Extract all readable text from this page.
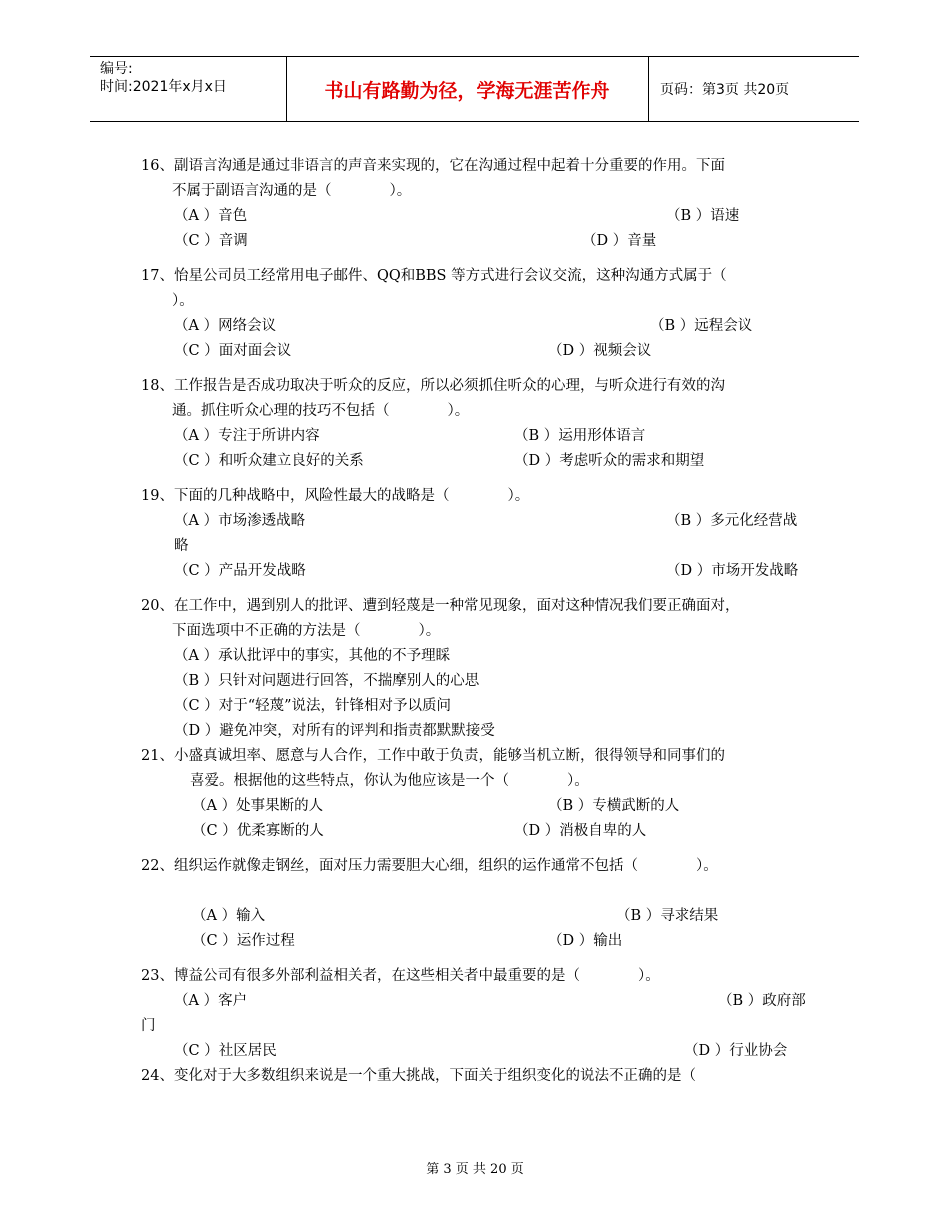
编号:
时间:2021年x月x日	书山有路勤为径，学海无涯苦作舟	页码：第3页 共20页
16、副语言沟通是通过非语言的声音来实现的，它在沟通过程中起着十分重要的作用。下面
不属于副语言沟通的是（　　　　）。
（A ）音色	（B ）语速
（C ）音调	（D ）音量
17、怡星公司员工经常用电子邮件、QQ和BBS 等方式进行会议交流，这种沟通方式属于（
）。
（A ）网络会议	（B ）远程会议
（C ）面对面会议	（D ）视频会议
18、工作报告是否成功取决于听众的反应，所以必须抓住听众的心理，与听众进行有效的沟
通。抓住听众心理的技巧不包括（　　　　）。
（A ）专注于所讲内容	（B ）运用形体语言
（C ）和听众建立良好的关系	（D ）考虑听众的需求和期望
19、下面的几种战略中，风险性最大的战略是（　　　　）。
（A ）市场渗透战略	（B ）多元化经营战
略
（C ）产品开发战略	（D ）市场开发战略
20、在工作中，遇到别人的批评、遭到轻蔑是一种常见现象，面对这种情况我们要正确面对，
下面选项中不正确的方法是（　　　　）。
（A ）承认批评中的事实，其他的不予理睬
（B ）只针对问题进行回答，不揣摩别人的心思
（C ）对于“轻蔑”说法，针锋相对予以质问
（D ）避免冲突，对所有的评判和指责都默默接受
21、小盛真诚坦率、愿意与人合作，工作中敢于负责，能够当机立断，很得领导和同事们的
喜爱。根据他的这些特点，你认为他应该是一个（　　　　）。
（A ）处事果断的人	（B ）专横武断的人
（C ）优柔寡断的人	（D ）消极自卑的人
22、组织运作就像走钢丝，面对压力需要胆大心细，组织的运作通常不包括（　　　　）。
（A ）输入	（B ）寻求结果
（C ）运作过程	（D ）输出
23、博益公司有很多外部利益相关者，在这些相关者中最重要的是（　　　　）。
（A ）客户	（B ）政府部
门
（C ）社区居民	（D ）行业协会
24、变化对于大多数组织来说是一个重大挑战，下面关于组织变化的说法不正确的是（
第 3 页 共 20 页
